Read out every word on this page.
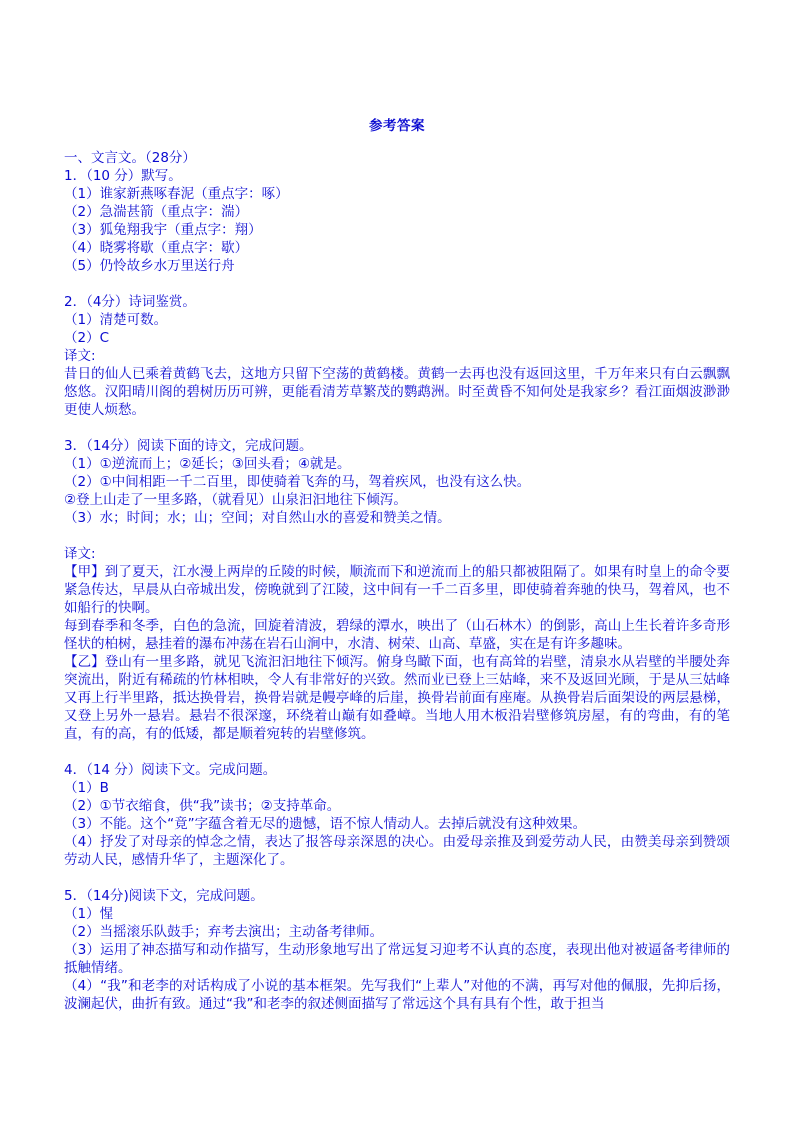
参考答案
一、文言文。（28分）
1．（10 分）默写。
（1）谁家新燕啄春泥（重点字：啄）
（2）急湍甚箭（重点字：湍）
（3）狐兔翔我宇（重点字：翔）
（4）晓雾将歇（重点字：歇）
（5）仍怜故乡水万里送行舟
2．（4分）诗词鉴赏。
（1）清楚可数。
（2）C
译文:
昔日的仙人已乘着黄鹤飞去，这地方只留下空荡的黄鹤楼。黄鹤一去再也没有返回这里，千万年来只有白云飘飘悠悠。汉阳晴川阁的碧树历历可辨，更能看清芳草繁茂的鹦鹉洲。时至黄昏不知何处是我家乡？看江面烟波渺渺更使人烦愁。
3．（14分）阅读下面的诗文，完成问题。
（1）①逆流而上；②延长；③回头看；④就是。
（2）①中间相距一千二百里，即使骑着飞奔的马，驾着疾风，也没有这么快。
②登上山走了一里多路，（就看见）山泉汩汩地往下倾泻。
（3）水；时间；水；山；空间；对自然山水的喜爱和赞美之情。
译文:
【甲】到了夏天，江水漫上两岸的丘陵的时候，顺流而下和逆流而上的船只都被阻隔了。如果有时皇上的命令要紧急传达，早晨从白帝城出发，傍晚就到了江陵，这中间有一千二百多里，即使骑着奔驰的快马，驾着风，也不如船行的快啊。
每到春季和冬季，白色的急流，回旋着清波，碧绿的潭水，映出了（山石林木）的倒影，高山上生长着许多奇形怪状的柏树，悬挂着的瀑布冲荡在岩石山涧中，水清、树荣、山高、草盛，实在是有许多趣味。
【乙】登山有一里多路，就见飞流汩汩地往下倾泻。俯身鸟瞰下面，也有高耸的岩壁，清泉水从岩壁的半腰处奔突流出，附近有稀疏的竹林相映，令人有非常好的兴致。然而业已登上三姑峰，来不及返回光顾，于是从三姑峰又再上行半里路，抵达换骨岩，换骨岩就是幔亭峰的后崖，换骨岩前面有座庵。从换骨岩后面架设的两层悬梯，又登上另外一悬岩。悬岩不很深邃，环绕着山巅有如叠嶂。当地人用木板沿岩壁修筑房屋，有的弯曲，有的笔直，有的高，有的低矮，都是顺着宛转的岩壁修筑。
4．（14 分）阅读下文。完成问题。
（1）B
（2）①节衣缩食，供“我”读书；②支持革命。
（3）不能。这个“竟”字蕴含着无尽的遗憾，语不惊人情动人。去掉后就没有这种效果。
（4）抒发了对母亲的悼念之情，表达了报答母亲深恩的决心。由爱母亲推及到爱劳动人民，由赞美母亲到赞颂劳动人民，感情升华了，主题深化了。
5．（14分)阅读下文，完成问题。
（1）惺
（2）当摇滚乐队鼓手；弃考去演出；主动备考律师。
（3）运用了神态描写和动作描写，生动形象地写出了常远复习迎考不认真的态度，表现出他对被逼备考律师的抵触情绪。
（4）“我”和老李的对话构成了小说的基本框架。先写我们“上辈人”对他的不满，再写对他的佩服，先抑后扬，波澜起伏，曲折有致。通过“我”和老李的叙述侧面描写了常远这个具有具有个性，敢于担当
